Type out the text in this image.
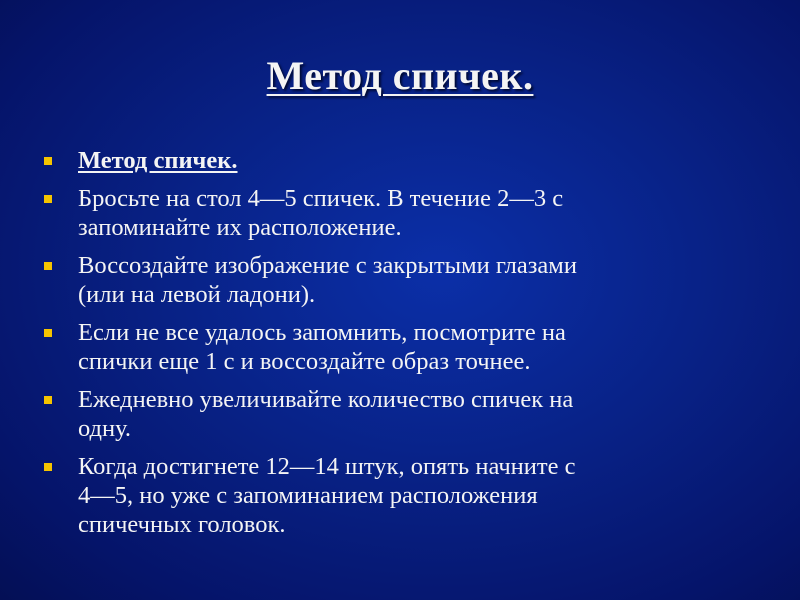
Метод спичек.
Метод спичек.
Бросьте на стол 4—5 спичек. В течение 2—3 с
запоминайте их расположение.
Воссоздайте изображение с закрытыми глазами
(или на левой ладони).
Если не все удалось запомнить, посмотрите на
спички еще 1 с и воссоздайте образ точнее.
Ежедневно увеличивайте количество спичек на
одну.
Когда достигнете 12—14 штук, опять начните с
4—5, но уже с запоминанием расположения
спичечных головок.
